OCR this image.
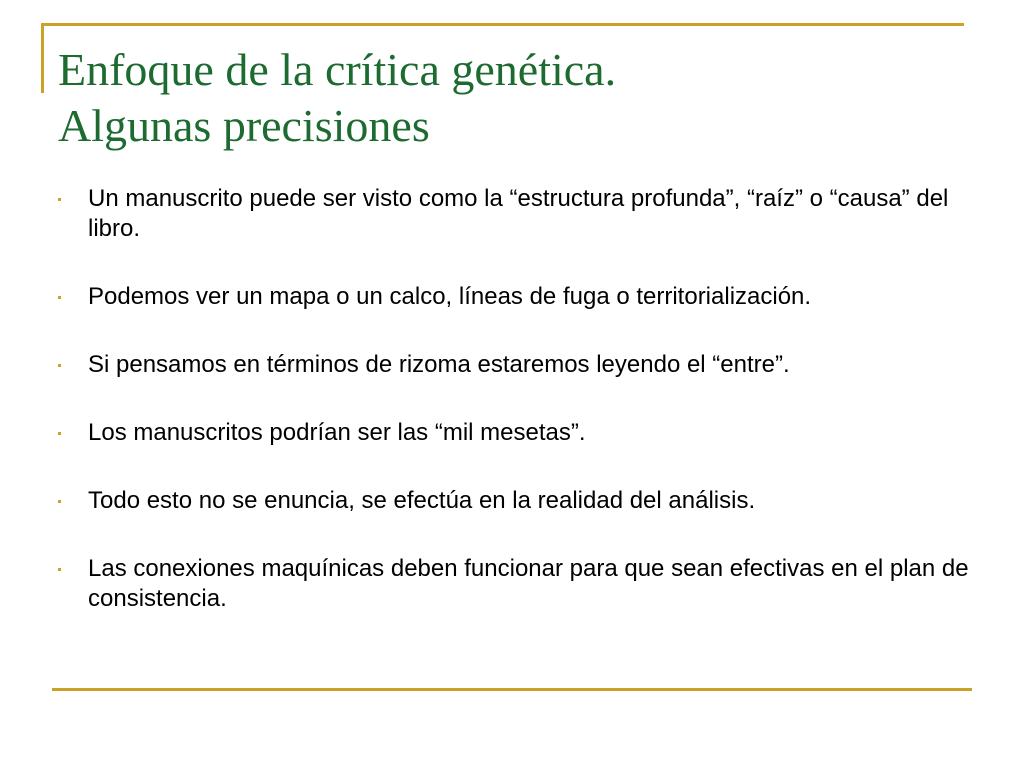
Enfoque de la crítica genética.
Algunas precisiones
Un manuscrito puede ser visto como la “estructura profunda”, “raíz” o “causa” del libro.
Podemos ver un mapa o un calco, líneas de fuga o territorialización.
Si pensamos en términos de rizoma estaremos leyendo el “entre”.
Los manuscritos podrían ser las “mil mesetas”.
Todo esto no se enuncia, se efectúa en la realidad del análisis.
Las conexiones maquínicas deben funcionar para que sean efectivas en el plan de consistencia.
